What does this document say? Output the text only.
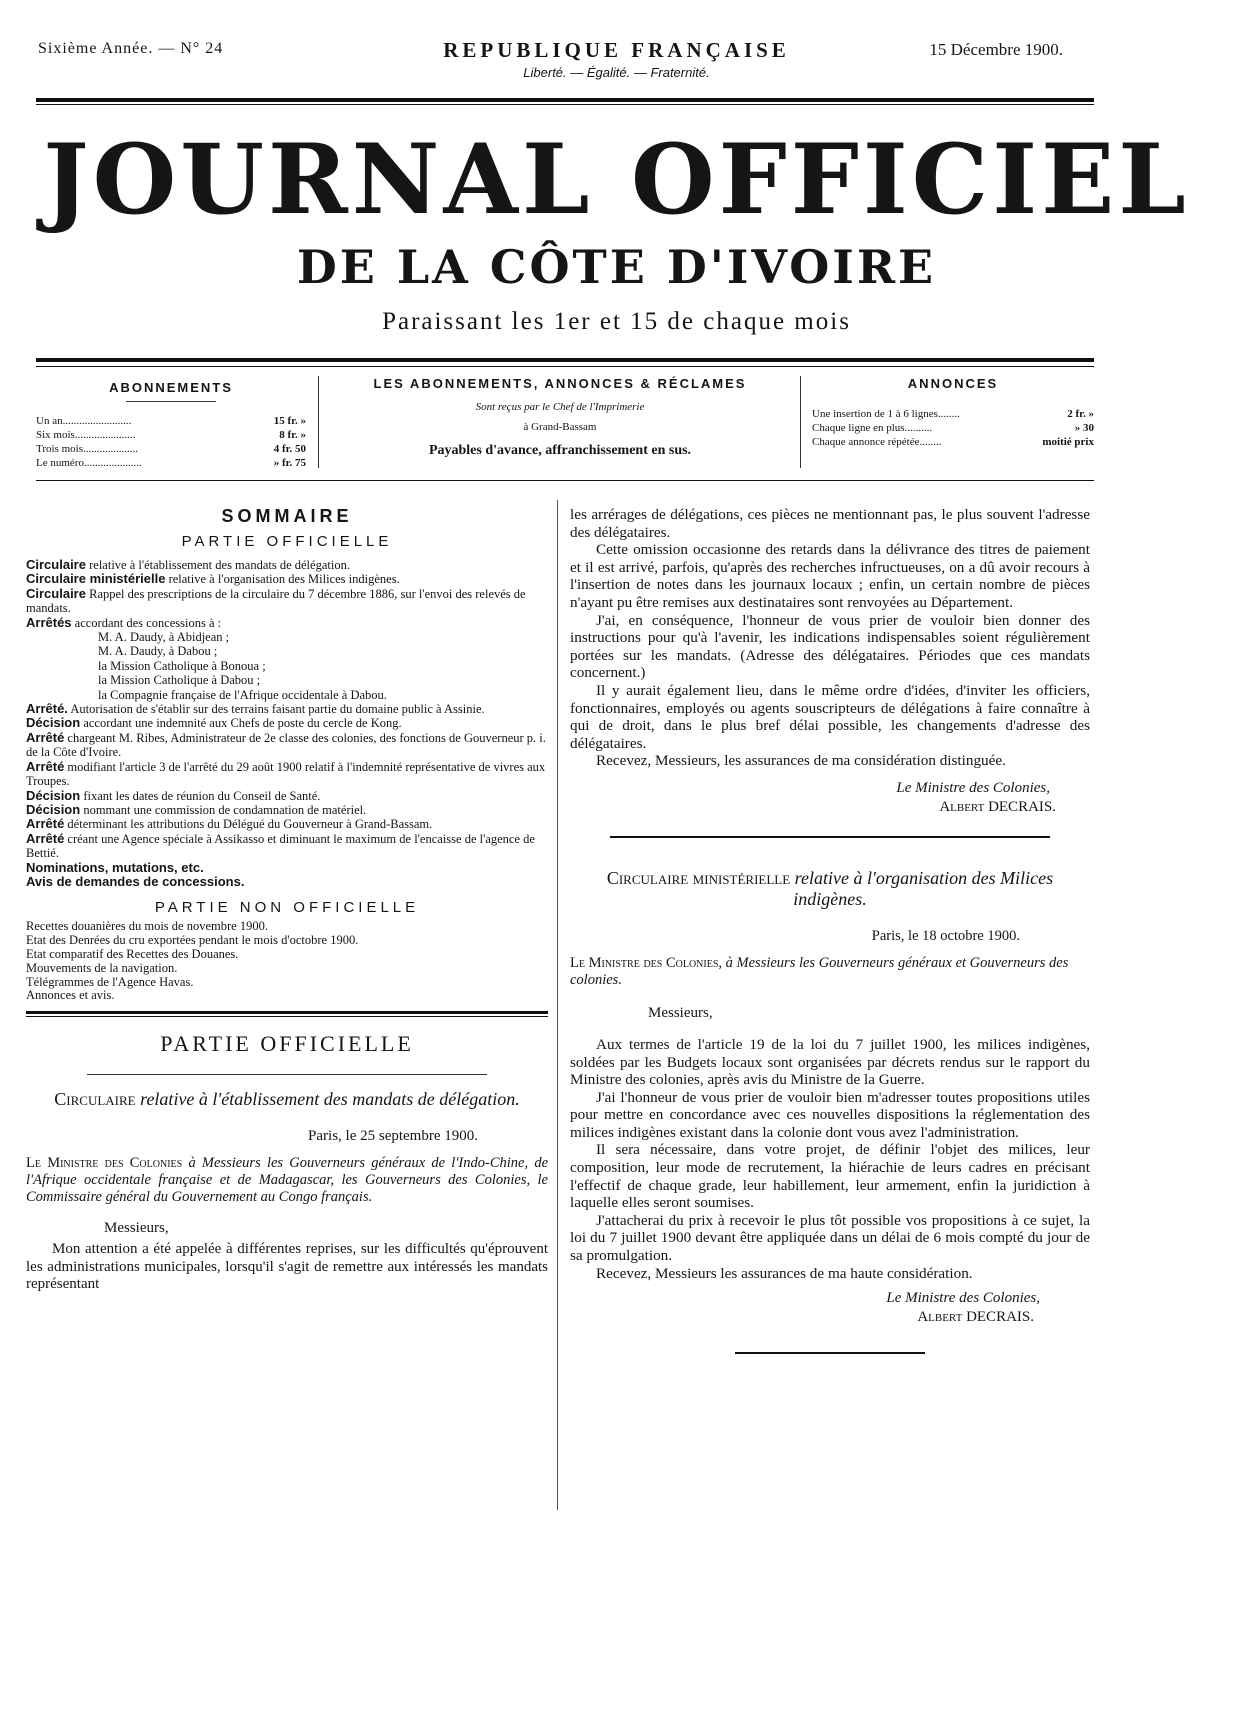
Sixième Année. — N° 24	REPUBLIQUE FRANÇAISE
Liberté. — Égalité. — Fraternité.
15 Décembre 1900.
JOURNAL OFFICIEL
DE LA CÔTE D'IVOIRE
Paraissant les 1er et 15 de chaque mois
ABONNEMENTS
Un an.........................	15 fr. »
Six mois......................	8 fr. »
Trois mois....................	4 fr. 50
Le numéro.....................	» fr. 75
LES ABONNEMENTS, ANNONCES & RÉCLAMES
Sont reçus par le Chef de l'Imprimerie
à Grand-Bassam
Payables d'avance, affranchissement en sus.
ANNONCES
Une insertion de 1 à 6 lignes........	2 fr. »
Chaque ligne en plus..........	» 30
Chaque annonce répétée........	moitié prix
SOMMAIRE
PARTIE OFFICIELLE
Circulaire relative à l'établissement des mandats de délégation.
Circulaire ministérielle relative à l'organisation des Milices indigènes.
Circulaire Rappel des prescriptions de la circulaire du 7 décembre 1886, sur l'envoi des relevés de mandats.
Arrêtés accordant des concessions à :
M. A. Daudy, à Abidjean ;
M. A. Daudy, à Dabou ;
la Mission Catholique à Bonoua ;
la Mission Catholique à Dabou ;
la Compagnie française de l'Afrique occidentale à Dabou.
Arrêté. Autorisation de s'établir sur des terrains faisant partie du domaine public à Assinie.
Décision accordant une indemnité aux Chefs de poste du cercle de Kong.
Arrêté chargeant M. Ribes, Administrateur de 2e classe des colonies, des fonctions de Gouverneur p. i. de la Côte d'Ivoire.
Arrêté modifiant l'article 3 de l'arrêté du 29 août 1900 relatif à l'indemnité représentative de vivres aux Troupes.
Décision fixant les dates de réunion du Conseil de Santé.
Décision nommant une commission de condamnation de matériel.
Arrêté déterminant les attributions du Délégué du Gouverneur à Grand-Bassam.
Arrêté créant une Agence spéciale à Assikasso et diminuant le maximum de l'encaisse de l'agence de Bettié.
Nominations, mutations, etc.
Avis de demandes de concessions.
PARTIE NON OFFICIELLE
Recettes douanières du mois de novembre 1900.
Etat des Denrées du cru exportées pendant le mois d'octobre 1900.
Etat comparatif des Recettes des Douanes.
Mouvements de la navigation.
Télégrammes de l'Agence Havas.
Annonces et avis.
PARTIE OFFICIELLE
Circulaire relative à l'établissement des mandats de délégation.
Paris, le 25 septembre 1900.
Le Ministre des Colonies à Messieurs les Gouverneurs généraux de l'Indo-Chine, de l'Afrique occidentale française et de Madagascar, les Gouverneurs des Colonies, le Commissaire général du Gouvernement au Congo français.
Messieurs,
Mon attention a été appelée à différentes reprises, sur les difficultés qu'éprouvent les administrations municipales, lorsqu'il s'agit de remettre aux intéressés les mandats représentant

les arrérages de délégations, ces pièces ne mentionnant pas, le plus souvent l'adresse des délégataires.

Cette omission occasionne des retards dans la délivrance des titres de paiement et il est arrivé, parfois, qu'après des recherches infructueuses, on a dû avoir recours à l'insertion de notes dans les journaux locaux ; enfin, un certain nombre de pièces n'ayant pu être remises aux destinataires sont renvoyées au Département.

J'ai, en conséquence, l'honneur de vous prier de vouloir bien donner des instructions pour qu'à l'avenir, les indications indispensables soient régulièrement portées sur les mandats. (Adresse des délégataires. Périodes que ces mandats concernent.)

Il y aurait également lieu, dans le même ordre d'idées, d'inviter les officiers, fonctionnaires, employés ou agents souscripteurs de délégations à faire connaître à qui de droit, dans le plus bref délai possible, les changements d'adresse des délégataires.

Recevez, Messieurs, les assurances de ma considération distinguée.

Le Ministre des Colonies,
Albert DECRAIS.
Circulaire ministérielle relative à l'organisation des Milices indigènes.
Paris, le 18 octobre 1900.
Le Ministre des Colonies, à Messieurs les Gouverneurs généraux et Gouverneurs des colonies.
Messieurs,

Aux termes de l'article 19 de la loi du 7 juillet 1900, les milices indigènes, soldées par les Budgets locaux sont organisées par décrets rendus sur le rapport du Ministre des colonies, après avis du Ministre de la Guerre.

J'ai l'honneur de vous prier de vouloir bien m'adresser toutes propositions utiles pour mettre en concordance avec ces nouvelles dispositions la réglementation des milices indigènes existant dans la colonie dont vous avez l'administration.

Il sera nécessaire, dans votre projet, de définir l'objet des milices, leur composition, leur mode de recrutement, la hiérachie de leurs cadres en précisant l'effectif de chaque grade, leur habillement, leur armement, enfin la juridiction à laquelle elles seront soumises.

J'attacherai du prix à recevoir le plus tôt possible vos propositions à ce sujet, la loi du 7 juillet 1900 devant être appliquée dans un délai de 6 mois compté du jour de sa promulgation.

Recevez, Messieurs les assurances de ma haute considération.

Le Ministre des Colonies,
Albert DECRAIS.
